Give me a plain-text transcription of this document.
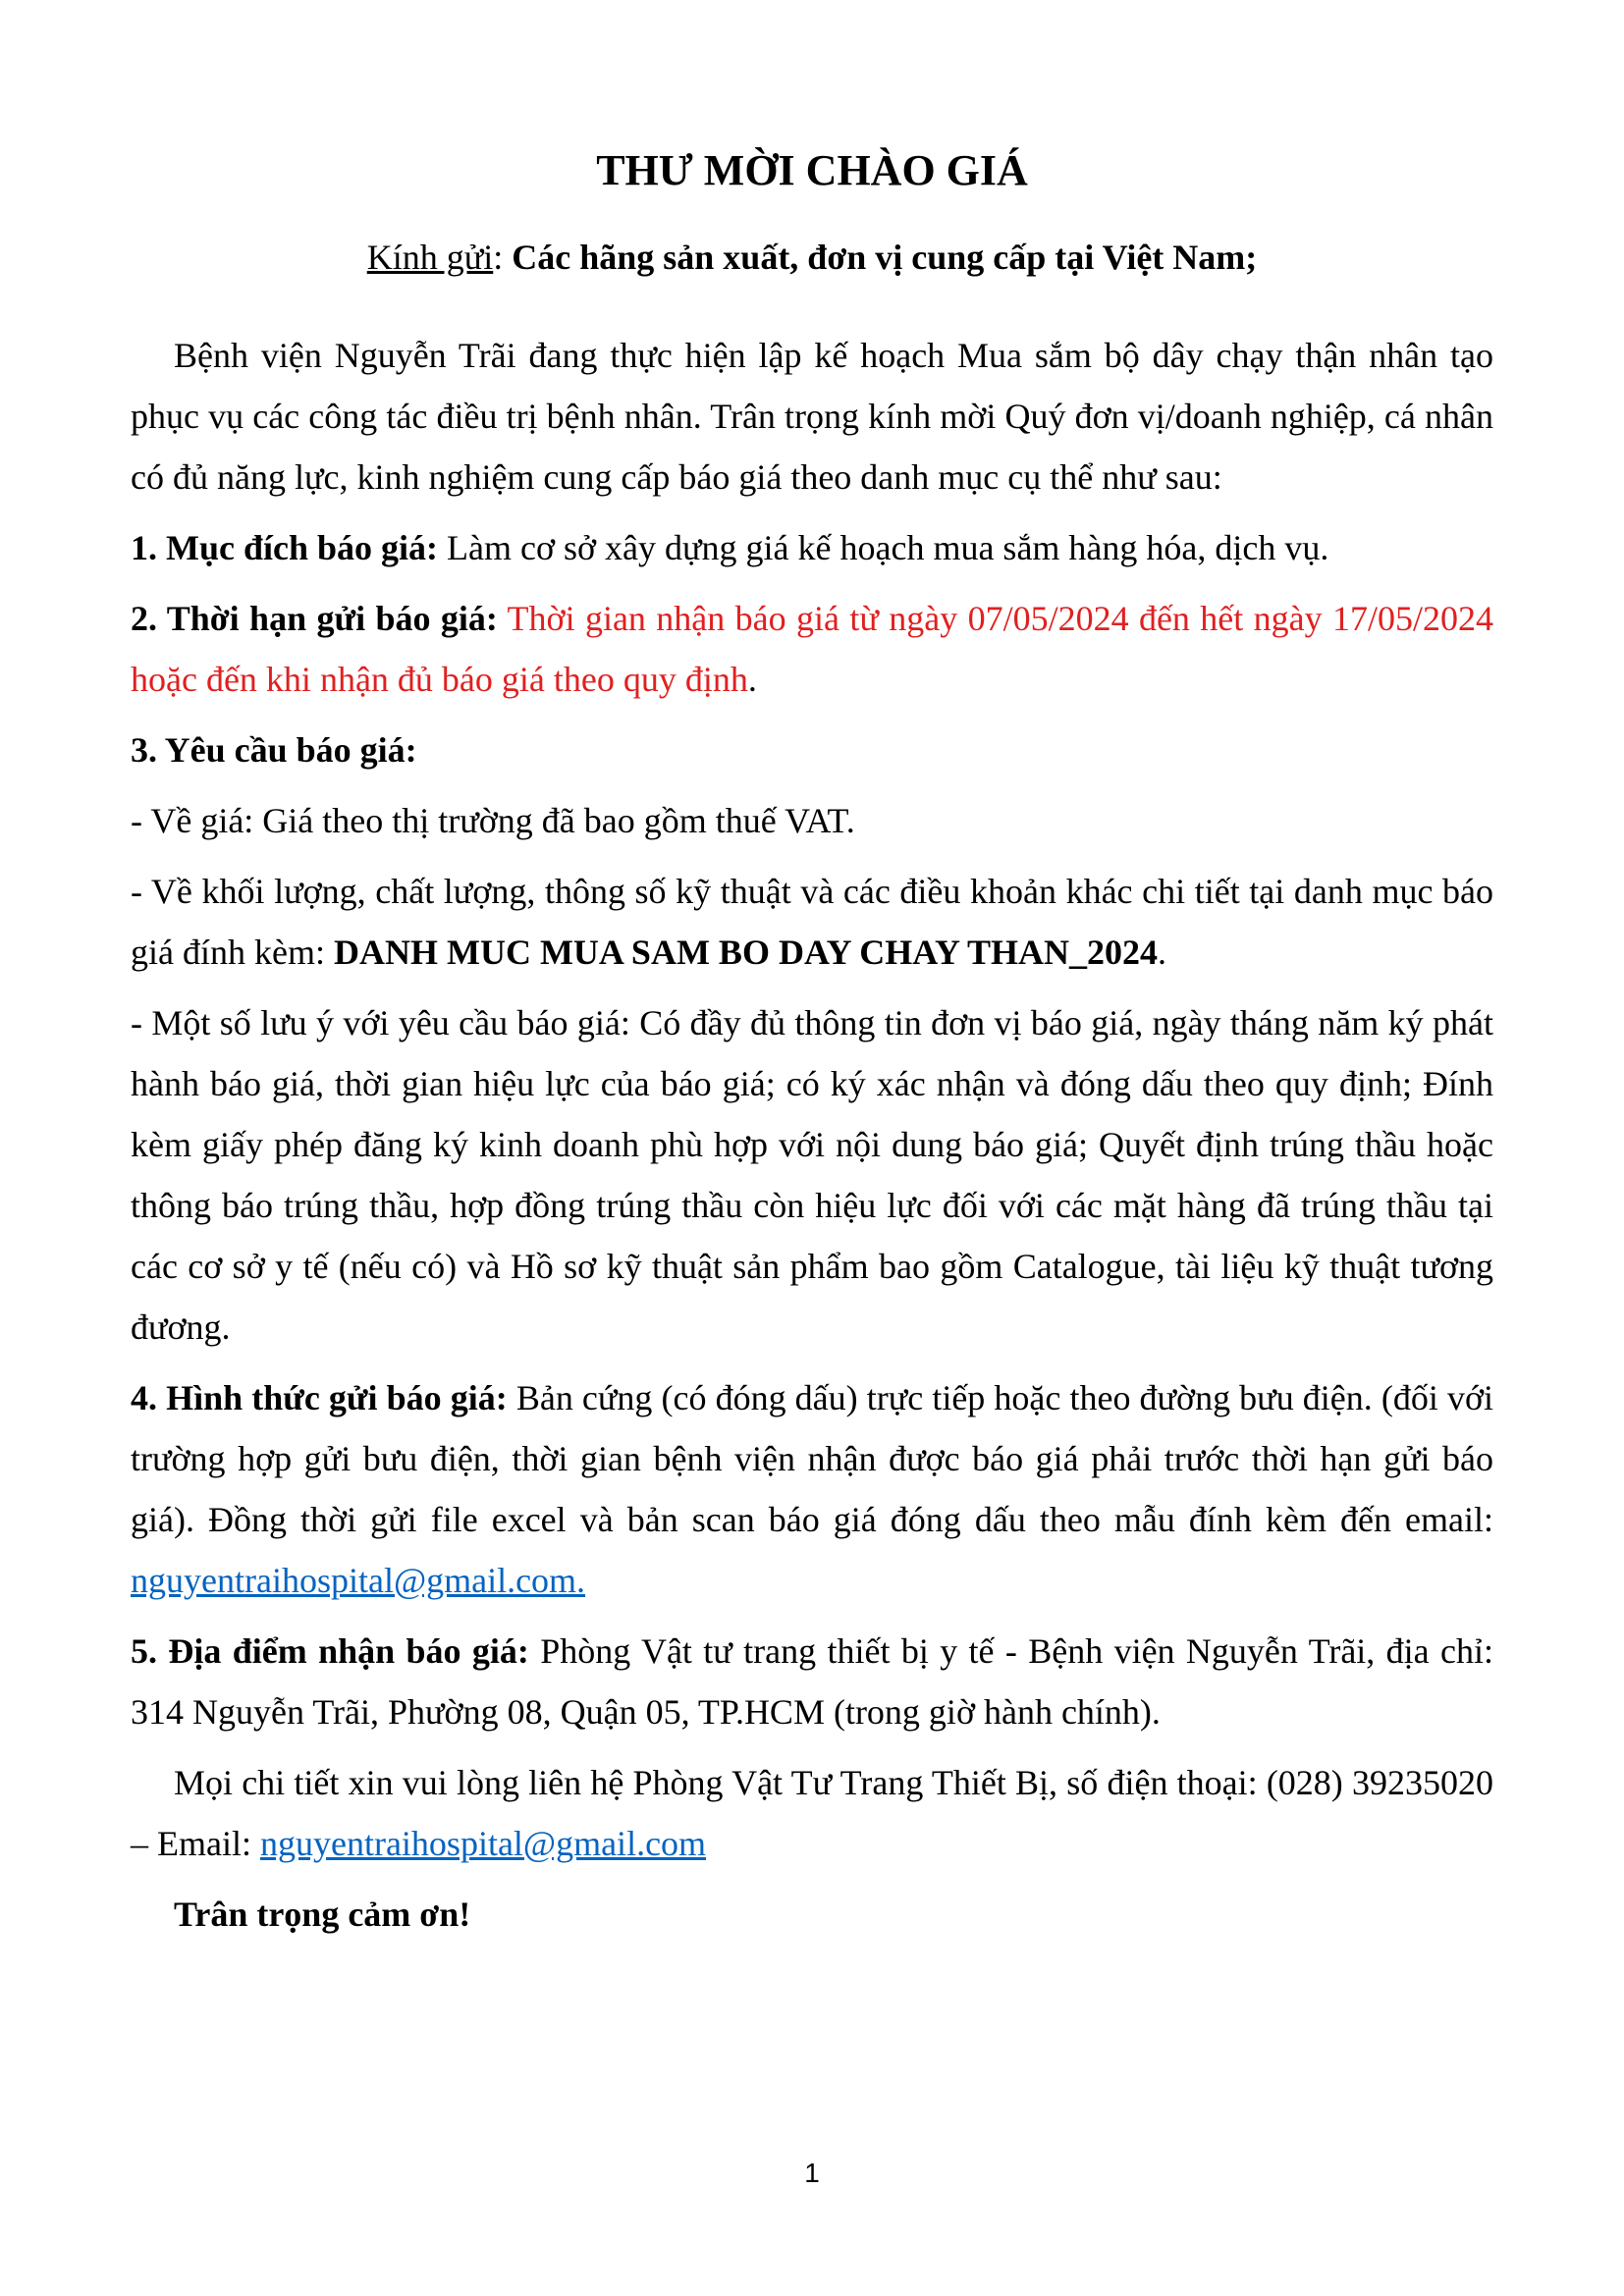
THƯ MỜI CHÀO GIÁ

Kính gửi: Các hãng sản xuất, đơn vị cung cấp tại Việt Nam;

Bệnh viện Nguyễn Trãi đang thực hiện lập kế hoạch Mua sắm bộ dây chạy thận nhân tạo phục vụ các công tác điều trị bệnh nhân. Trân trọng kính mời Quý đơn vị/doanh nghiệp, cá nhân có đủ năng lực, kinh nghiệm cung cấp báo giá theo danh mục cụ thể như sau:

1. Mục đích báo giá: Làm cơ sở xây dựng giá kế hoạch mua sắm hàng hóa, dịch vụ.

2. Thời hạn gửi báo giá: Thời gian nhận báo giá từ ngày 07/05/2024 đến hết ngày 17/05/2024 hoặc đến khi nhận đủ báo giá theo quy định.

3. Yêu cầu báo giá:

- Về giá: Giá theo thị trường đã bao gồm thuế VAT.

- Về khối lượng, chất lượng, thông số kỹ thuật và các điều khoản khác chi tiết tại danh mục báo giá đính kèm: DANH MUC MUA SAM BO DAY CHAY THAN_2024.

- Một số lưu ý với yêu cầu báo giá: Có đầy đủ thông tin đơn vị báo giá, ngày tháng năm ký phát hành báo giá, thời gian hiệu lực của báo giá; có ký xác nhận và đóng dấu theo quy định; Đính kèm giấy phép đăng ký kinh doanh phù hợp với nội dung báo giá; Quyết định trúng thầu hoặc thông báo trúng thầu, hợp đồng trúng thầu còn hiệu lực đối với các mặt hàng đã trúng thầu tại các cơ sở y tế (nếu có) và Hồ sơ kỹ thuật sản phẩm bao gồm Catalogue, tài liệu kỹ thuật tương đương.

4. Hình thức gửi báo giá: Bản cứng (có đóng dấu) trực tiếp hoặc theo đường bưu điện. (đối với trường hợp gửi bưu điện, thời gian bệnh viện nhận được báo giá phải trước thời hạn gửi báo giá). Đồng thời gửi file excel và bản scan báo giá đóng dấu theo mẫu đính kèm đến email: nguyentraihospital@gmail.com.

5. Địa điểm nhận báo giá: Phòng Vật tư trang thiết bị y tế - Bệnh viện Nguyễn Trãi, địa chỉ: 314 Nguyễn Trãi, Phường 08, Quận 05, TP.HCM (trong giờ hành chính).

Mọi chi tiết xin vui lòng liên hệ Phòng Vật Tư Trang Thiết Bị, số điện thoại: (028) 39235020 – Email: nguyentraihospital@gmail.com

Trân trọng cảm ơn!

1
